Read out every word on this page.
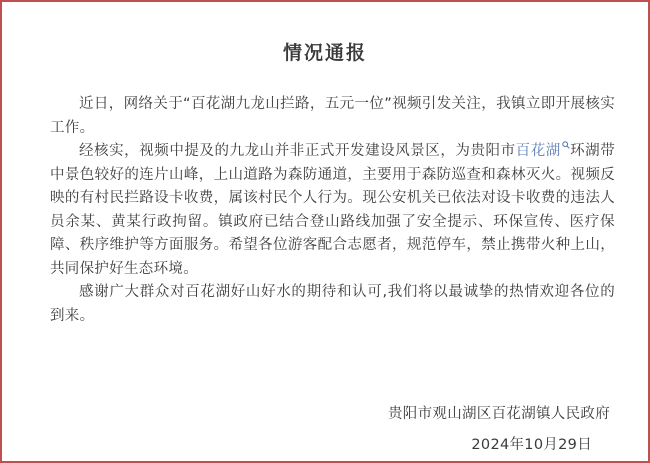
情况通报

近日，网络关于“百花湖九龙山拦路，五元一位”视频引发关注，我镇立即开展核实工作。

经核实，视频中提及的九龙山并非正式开发建设风景区，为贵阳市百花湖 环湖带中景色较好的连片山峰，上山道路为森防通道，主要用于森防巡查和森林灭火。视频反映的有村民拦路设卡收费，属该村民个人行为。现公安机关已依法对设卡收费的违法人员余某、黄某行政拘留。镇政府已结合登山路线加强了安全提示、环保宣传、医疗保障、秩序维护等方面服务。希望各位游客配合志愿者，规范停车，禁止携带火种上山，共同保护好生态环境。

感谢广大群众对百花湖好山好水的期待和认可,我们将以最诚挚的热情欢迎各位的到来。

贵阳市观山湖区百花湖镇人民政府
2024年10月29日
